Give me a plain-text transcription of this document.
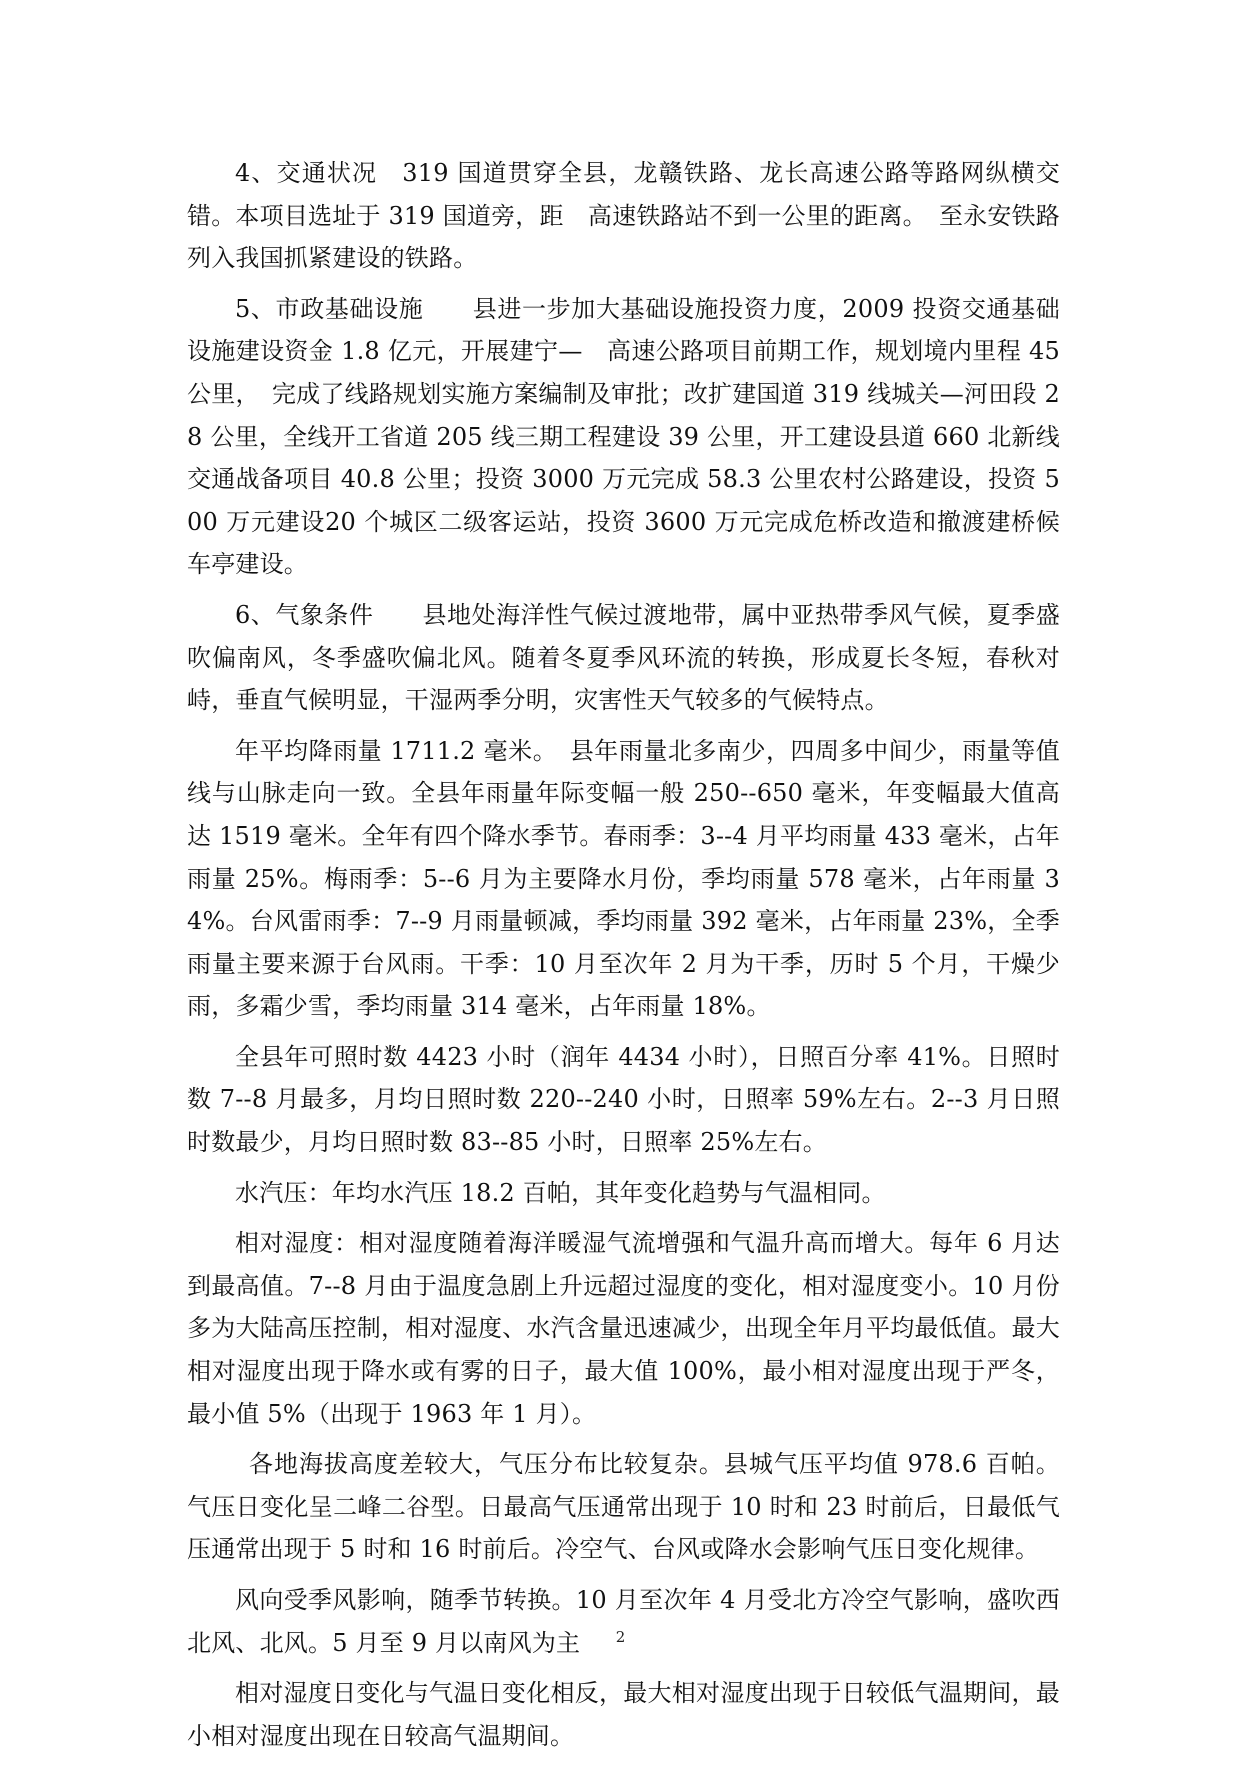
4、交通状况　319 国道贯穿全县，龙赣铁路、龙长高速公路等路网纵横交错。本项目选址于 319 国道旁，距　高速铁路站不到一公里的距离。　至永安铁路列入我国抓紧建设的铁路。

5、市政基础设施　　县进一步加大基础设施投资力度，2009 投资交通基础设施建设资金 1.8 亿元，开展建宁—　高速公路项目前期工作，规划境内里程 45 公里，　完成了线路规划实施方案编制及审批；改扩建国道 319 线城关—河田段 28 公里，全线开工省道 205 线三期工程建设 39 公里，开工建设县道 660 北新线交通战备项目 40.8 公里；投资 3000 万元完成 58.3 公里农村公路建设，投资 500 万元建设20 个城区二级客运站，投资 3600 万元完成危桥改造和撤渡建桥候车亭建设。

6、气象条件　　县地处海洋性气候过渡地带，属中亚热带季风气候，夏季盛吹偏南风，冬季盛吹偏北风。随着冬夏季风环流的转换，形成夏长冬短，春秋对峙，垂直气候明显，干湿两季分明，灾害性天气较多的气候特点。

年平均降雨量 1711.2 毫米。　县年雨量北多南少，四周多中间少，雨量等值线与山脉走向一致。全县年雨量年际变幅一般 250--650 毫米，年变幅最大值高达 1519 毫米。全年有四个降水季节。春雨季：3--4 月平均雨量 433 毫米，占年雨量 25%。梅雨季：5--6 月为主要降水月份，季均雨量 578 毫米，占年雨量 34%。台风雷雨季：7--9 月雨量顿减，季均雨量 392 毫米，占年雨量 23%，全季雨量主要来源于台风雨。干季：10 月至次年 2 月为干季，历时 5 个月，干燥少雨，多霜少雪，季均雨量 314 毫米，占年雨量 18%。

全县年可照时数 4423 小时（润年 4434 小时），日照百分率 41%。日照时数 7--8 月最多，月均日照时数 220--240 小时，日照率 59%左右。2--3 月日照时数最少，月均日照时数 83--85 小时，日照率 25%左右。

水汽压：年均水汽压 18.2 百帕，其年变化趋势与气温相同。

相对湿度：相对湿度随着海洋暖湿气流增强和气温升高而增大。每年 6 月达到最高值。7--8 月由于温度急剧上升远超过湿度的变化，相对湿度变小。10 月份多为大陆高压控制，相对湿度、水汽含量迅速减少，出现全年月平均最低值。最大相对湿度出现于降水或有雾的日子，最大值 100%，最小相对湿度出现于严冬，最小值 5%（出现于 1963 年 1 月）。

各地海拔高度差较大，气压分布比较复杂。县城气压平均值 978.6 百帕。气压日变化呈二峰二谷型。日最高气压通常出现于 10 时和 23 时前后，日最低气压通常出现于 5 时和 16 时前后。冷空气、台风或降水会影响气压日变化规律。

风向受季风影响，随季节转换。10 月至次年 4 月受北方冷空气影响，盛吹西北风、北风。5 月至 9 月以南风为主

相对湿度日变化与气温日变化相反，最大相对湿度出现于日较低气温期间，最小相对湿度出现在日较高气温期间。

2
